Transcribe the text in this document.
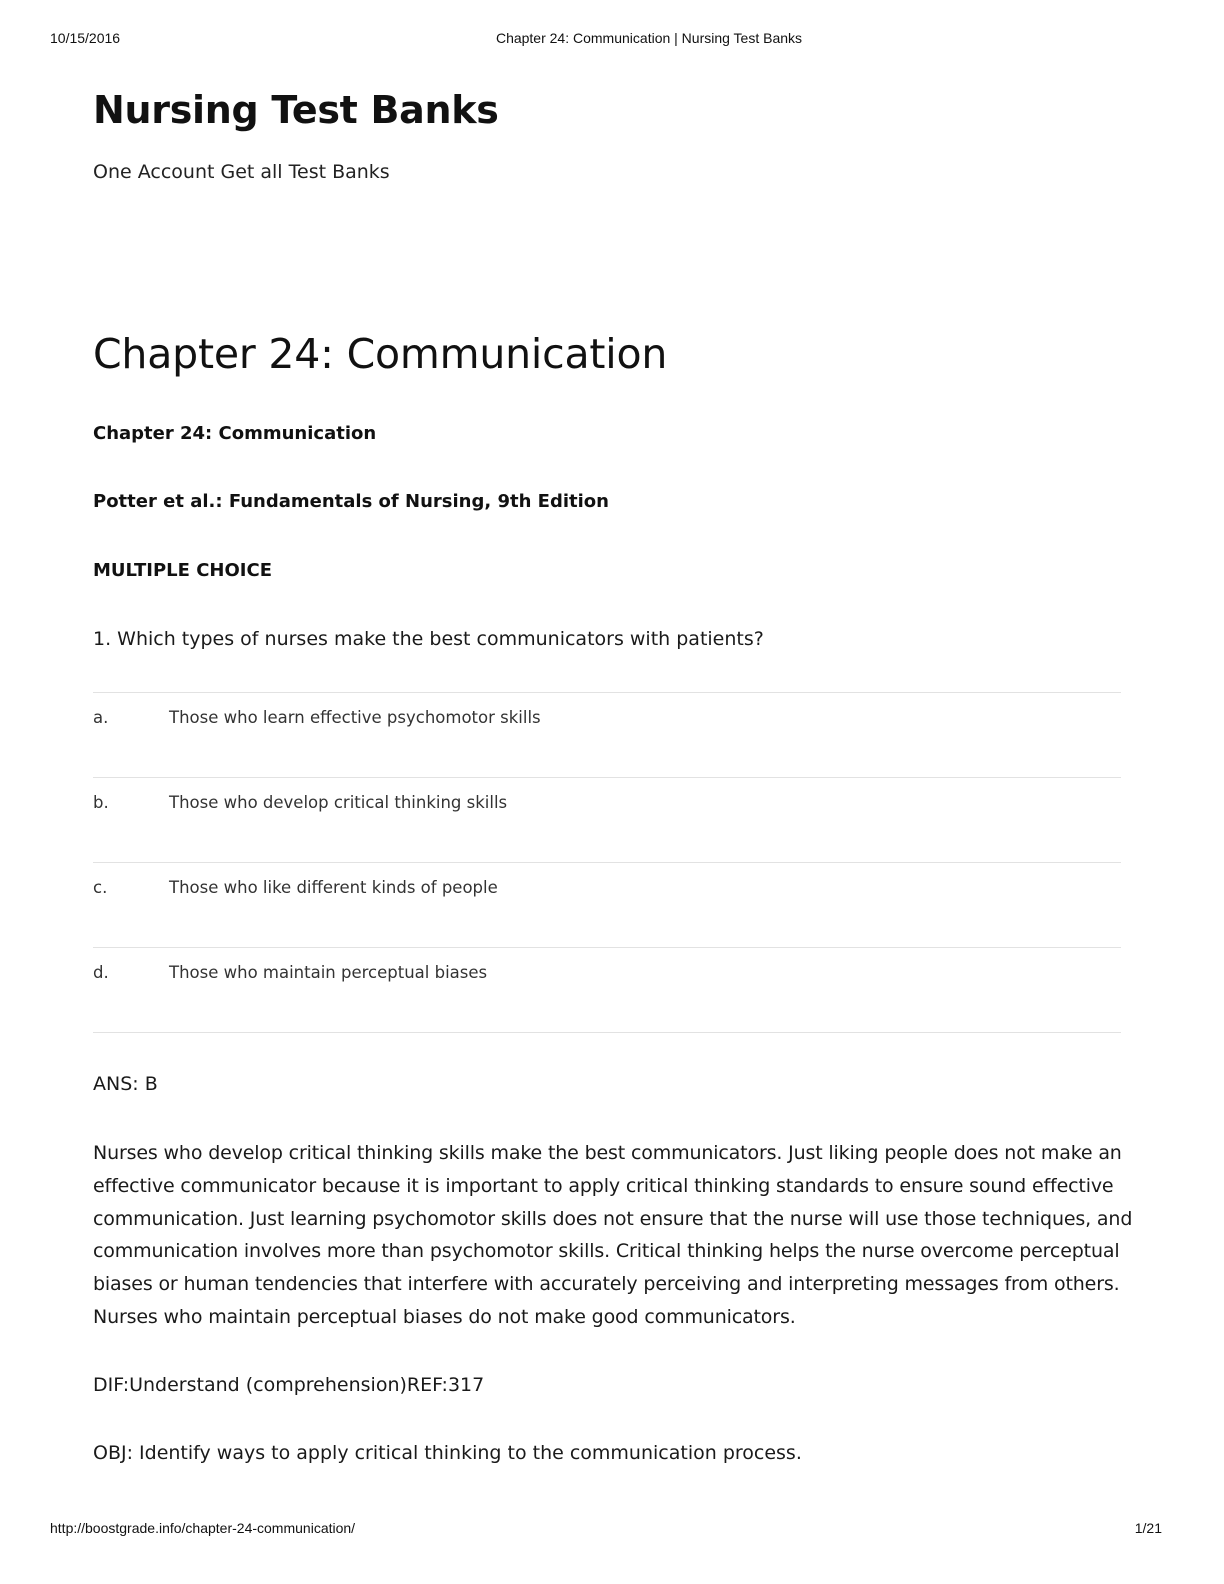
10/15/2016	Chapter 24: Communication | Nursing Test Banks
Nursing Test Banks

One Account Get all Test Banks

Chapter 24: Communication

Chapter 24: Communication

Potter et al.: Fundamentals of Nursing, 9th Edition

MULTIPLE CHOICE

1. Which types of nurses make the best communicators with patients?

a.	Those who learn effective psychomotor skills
b.	Those who develop critical thinking skills
c.	Those who like different kinds of people
d.	Those who maintain perceptual biases

ANS: B

Nurses who develop critical thinking skills make the best communicators. Just liking people does not make an effective communicator because it is important to apply critical thinking standards to ensure sound effective communication. Just learning psychomotor skills does not ensure that the nurse will use those techniques, and communication involves more than psychomotor skills. Critical thinking helps the nurse overcome perceptual biases or human tendencies that interfere with accurately perceiving and interpreting messages from others. Nurses who maintain perceptual biases do not make good communicators.

DIF:Understand (comprehension)REF:317

OBJ: Identify ways to apply critical thinking to the communication process.

http://boostgrade.info/chapter-24-communication/	1/21
